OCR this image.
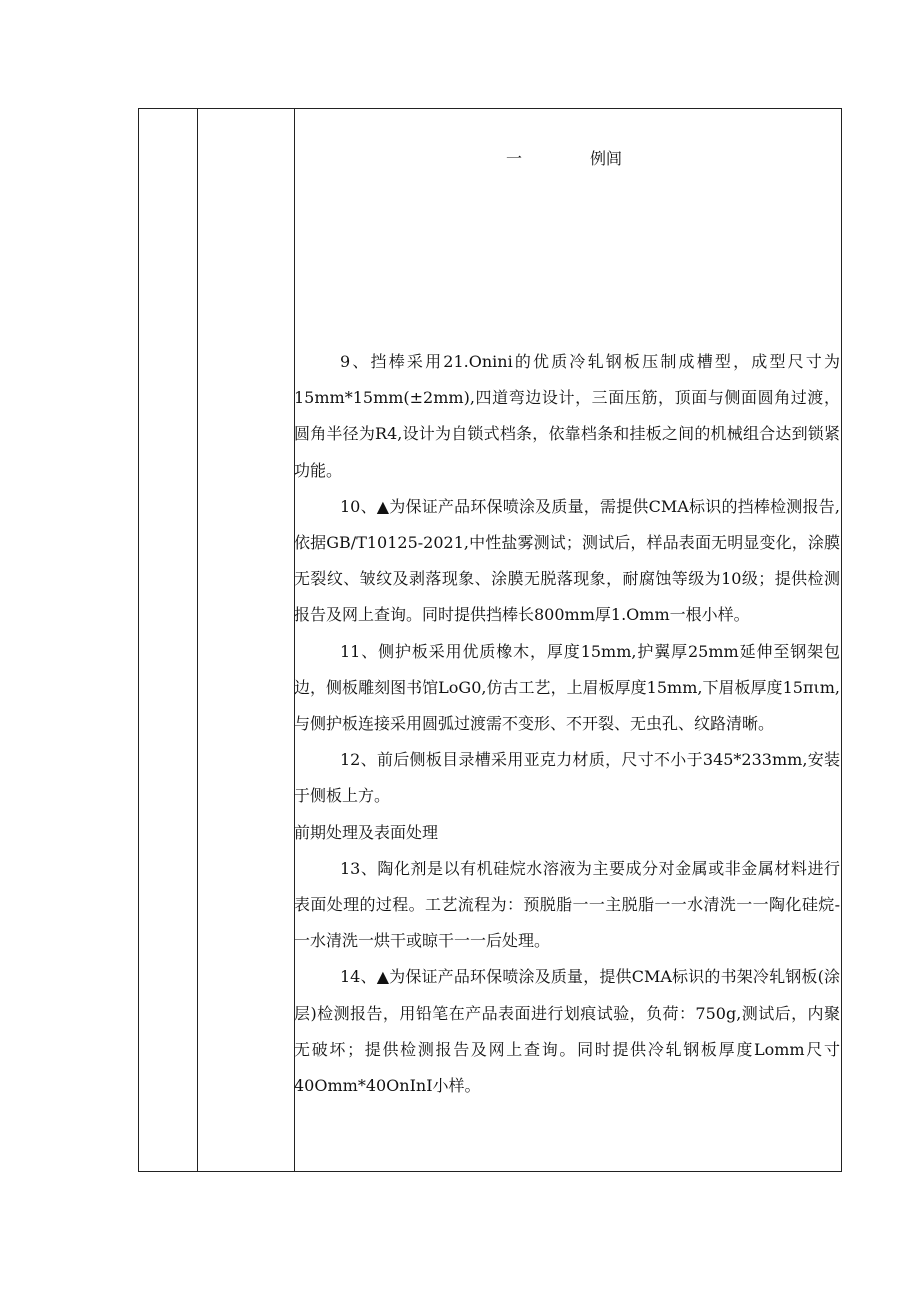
一	例闾

9、挡棒采用21.Onini的优质冷轧钢板压制成槽型，成型尺寸为15mm*15mm(±2mm),四道弯边设计，三面压筋，顶面与侧面圆角过渡，圆角半径为R4,设计为自锁式档条，依靠档条和挂板之间的机械组合达到锁紧功能。

10、▲为保证产品环保喷涂及质量，需提供CMA标识的挡棒检测报告,依据GB/T10125-2021,中性盐雾测试；测试后，样品表面无明显变化，涂膜无裂纹、皱纹及剥落现象、涂膜无脱落现象，耐腐蚀等级为10级；提供检测报告及网上查询。同时提供挡棒长800mm厚1.Omm一根小样。

11、侧护板采用优质橡木，厚度15mm,护翼厚25mm延伸至钢架包边，侧板雕刻图书馆LoG0,仿古工艺，上眉板厚度15mm,下眉板厚度15πιm,与侧护板连接采用圆弧过渡需不变形、不开裂、无虫孔、纹路清晰。

12、前后侧板目录槽采用亚克力材质，尺寸不小于345*233mm,安装于侧板上方。

前期处理及表面处理

13、陶化剂是以有机硅烷水溶液为主要成分对金属或非金属材料进行表面处理的过程。工艺流程为：预脱脂一一主脱脂一一水清洗一一陶化硅烷-一水清洗一烘干或晾干一一后处理。

14、▲为保证产品环保喷涂及质量，提供CMA标识的书架冷轧钢板(涂层)检测报告，用铅笔在产品表面进行划痕试验，负荷：750g,测试后，内聚无破坏；提供检测报告及网上查询。同时提供冷轧钢板厚度Lomm尺寸40Omm*40OnInI小样。
